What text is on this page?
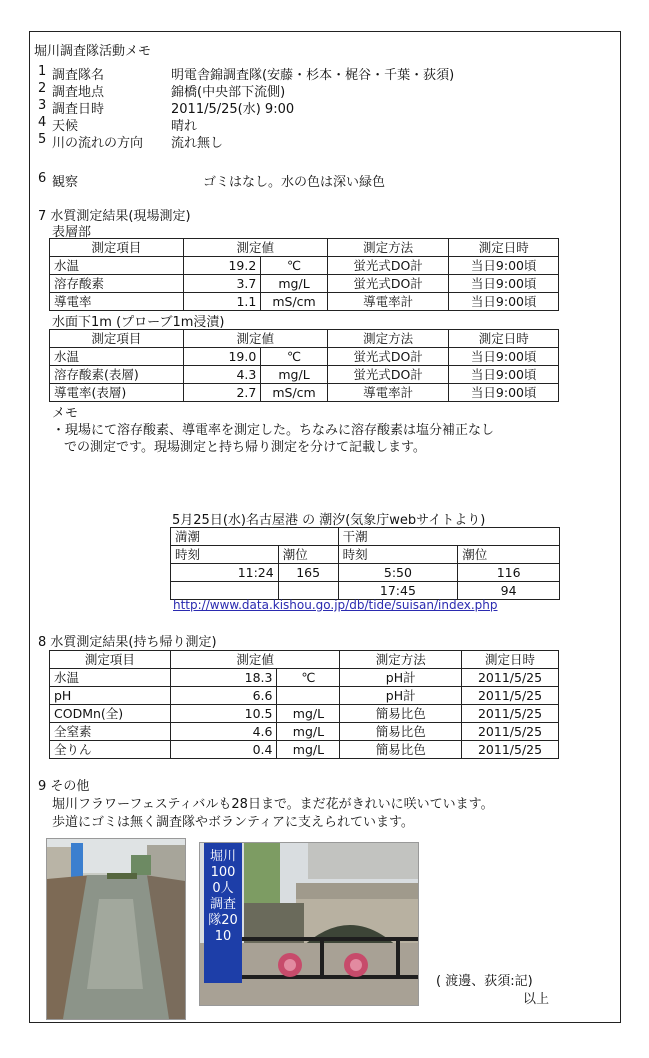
堀川調査隊活動メモ
1 調査隊名	明電舎錦調査隊(安藤・杉本・梶谷・千葉・荻須)
2 調査地点	錦橋(中央部下流側)
3 調査日時	2011/5/25(水) 9:00
4 天候	晴れ
5 川の流れの方向 流れ無し
6 観察	ゴミはなし。水の色は深い緑色
7 水質測定結果(現場測定)
表層部
測定項目	測定値		測定方法	測定日時
水温	19.2	℃	蛍光式DO計	当日9:00頃
溶存酸素	3.7	mg/L	蛍光式DO計	当日9:00頃
導電率	1.1	mS/cm	導電率計	当日9:00頃
水面下1m (プローブ1m浸漬)
測定項目	測定値		測定方法	測定日時
水温	19.0	℃	蛍光式DO計	当日9:00頃
溶存酸素(表層)	4.3	mg/L	蛍光式DO計	当日9:00頃
導電率(表層)	2.7	mS/cm	導電率計	当日9:00頃
メモ
・現場にて溶存酸素、導電率を測定した。ちなみに溶存酸素は塩分補正なし
での測定です。現場測定と持ち帰り測定を分けて記載します。
5月25日(水)名古屋港 の 潮汐(気象庁webサイトより)
満潮		干潮	
時刻	潮位	時刻	潮位
11:24	165	5:50	116
		17:45	94
http://www.data.kishou.go.jp/db/tide/suisan/index.php
8 水質測定結果(持ち帰り測定)
測定項目	測定値		測定方法	測定日時
水温	18.3	℃	pH計	2011/5/25
pH	6.6		pH計	2011/5/25
CODMn(全)	10.5	mg/L	簡易比色	2011/5/25
全窒素	4.6	mg/L	簡易比色	2011/5/25
全りん	0.4	mg/L	簡易比色	2011/5/25
9 その他
堀川フラワーフェスティバルも28日まで。まだ花がきれいに咲いています。
歩道にゴミは無く調査隊やボランティアに支えられています。
堀川1000人調査隊2010
( 渡邊、荻須:記)
以上
